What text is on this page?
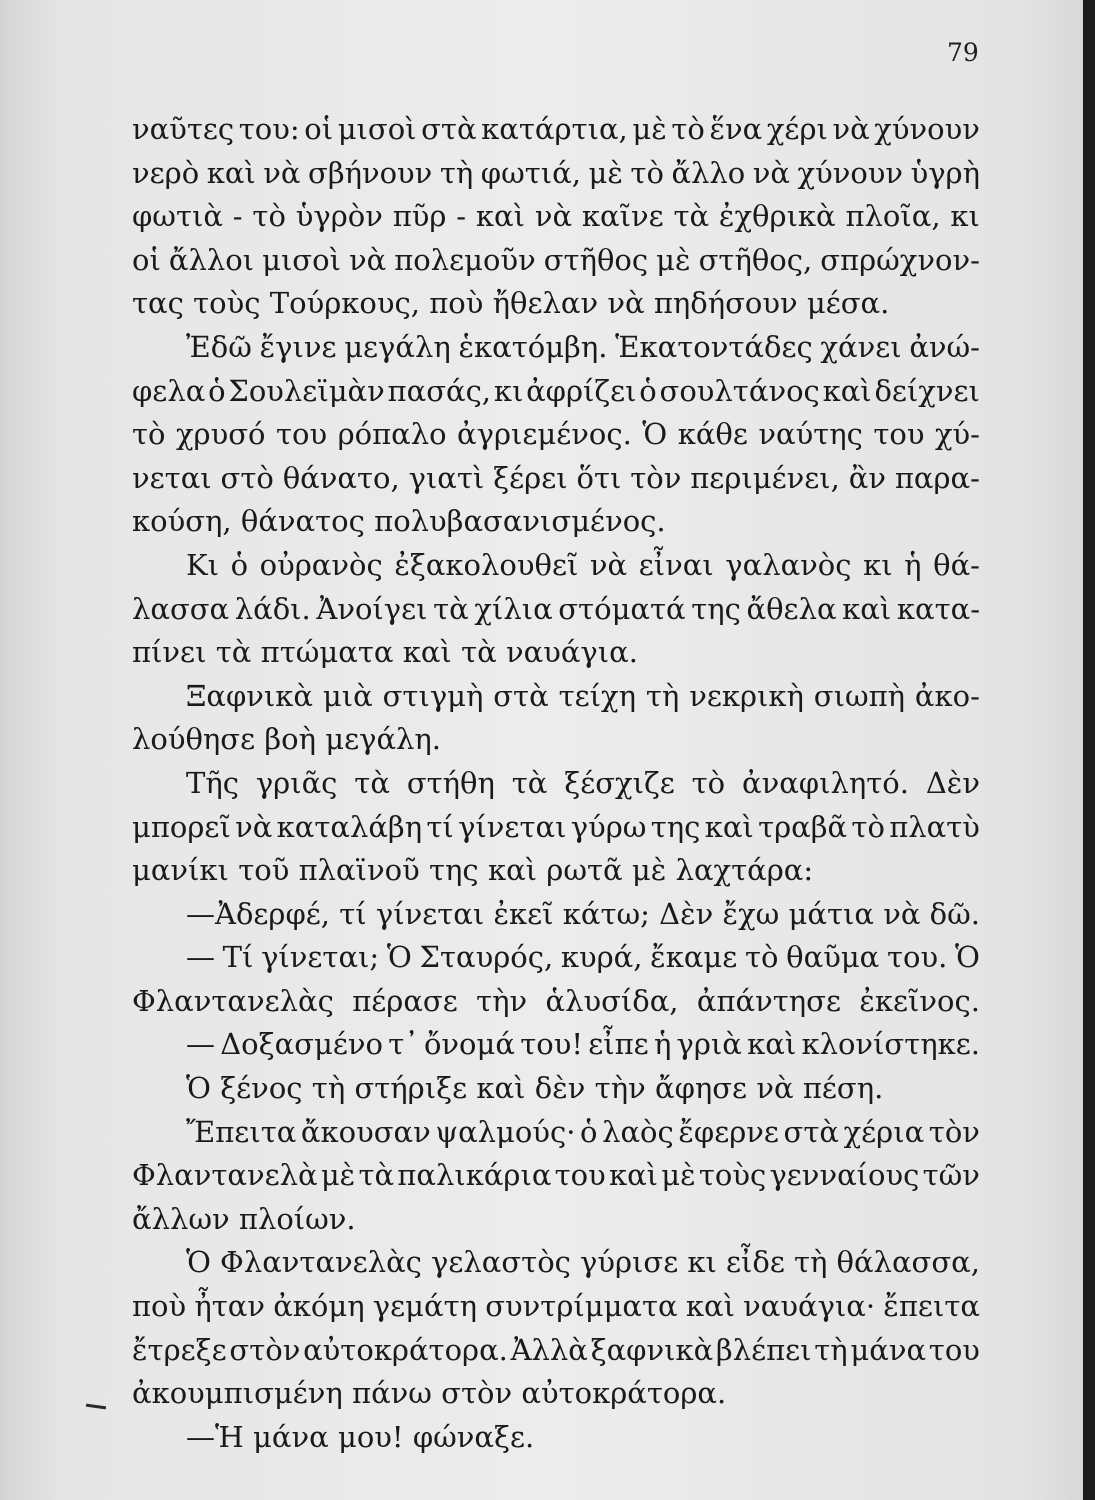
79
ναῦτες του: οἱ μισοὶ στὰ κατάρτια, μὲ τὸ ἕνα χέρι νὰ χύνουν
νερὸ καὶ νὰ σβήνουν τὴ φωτιά, μὲ τὸ ἄλλο νὰ χύνουν ὑγρὴ
φωτιὰ - τὸ ὑγρὸν πῦρ - καὶ νὰ καῖνε τὰ ἐχθρικὰ πλοῖα, κι
οἱ ἄλλοι μισοὶ νὰ πολεμοῦν στῆθος μὲ στῆθος, σπρώχνον-
τας τοὺς Τούρκους, ποὺ ἤθελαν νὰ πηδήσουν μέσα.
Ἐδῶ ἔγινε μεγάλη ἑκατόμβη. Ἑκατοντάδες χάνει ἀνώ-
φελα ὁ Σουλεϊμὰν πασάς, κι ἀφρίζει ὁ σουλτάνος καὶ δείχνει
τὸ χρυσό του ρόπαλο ἀγριεμένος. Ὁ κάθε ναύτης του χύ-
νεται στὸ θάνατο, γιατὶ ξέρει ὅτι τὸν περιμένει, ἂν παρα-
κούση, θάνατος πολυβασανισμένος.
Κι ὁ οὐρανὸς ἐξακολουθεῖ νὰ εἶναι γαλανὸς κι ἡ θά-
λασσα λάδι. Ἀνοίγει τὰ χίλια στόματά της ἄθελα καὶ κατα-
πίνει τὰ πτώματα καὶ τὰ ναυάγια.
Ξαφνικὰ μιὰ στιγμὴ στὰ τείχη τὴ νεκρικὴ σιωπὴ ἀκο-
λούθησε βοὴ μεγάλη.
Τῆς γριᾶς τὰ στήθη τὰ ξέσχιζε τὸ ἀναφιλητό. Δὲν
μπορεῖ νὰ καταλάβη τί γίνεται γύρω της καὶ τραβᾶ τὸ πλατὺ
μανίκι τοῦ πλαϊνοῦ της καὶ ρωτᾶ μὲ λαχτάρα:
—Ἀδερφέ, τί γίνεται ἐκεῖ κάτω; Δὲν ἔχω μάτια νὰ δῶ.
— Τί γίνεται; Ὁ Σταυρός, κυρά, ἔκαμε τὸ θαῦμα του. Ὁ
Φλαντανελὰς πέρασε τὴν ἁλυσίδα, ἀπάντησε ἐκεῖνος.
— Δοξασμένο τ᾽ ὄνομά του! εἶπε ἡ γριὰ καὶ κλονίστηκε.
Ὁ ξένος τὴ στήριξε καὶ δὲν τὴν ἄφησε νὰ πέση.
Ἔπειτα ἄκουσαν ψαλμούς· ὁ λαὸς ἔφερνε στὰ χέρια τὸν
Φλαντανελὰ μὲ τὰ παλικάρια του καὶ μὲ τοὺς γενναίους τῶν
ἄλλων πλοίων.
Ὁ Φλαντανελὰς γελαστὸς γύρισε κι εἶδε τὴ θάλασσα,
ποὺ ἦταν ἀκόμη γεμάτη συντρίμματα καὶ ναυάγια· ἔπειτα
ἔτρεξε στὸν αὐτοκράτορα. Ἀλλὰ ξαφνικὰ βλέπει τὴ μάνα του
ἀκουμπισμένη πάνω στὸν αὐτοκράτορα.
—Ἡ μάνα μου! φώναξε.
